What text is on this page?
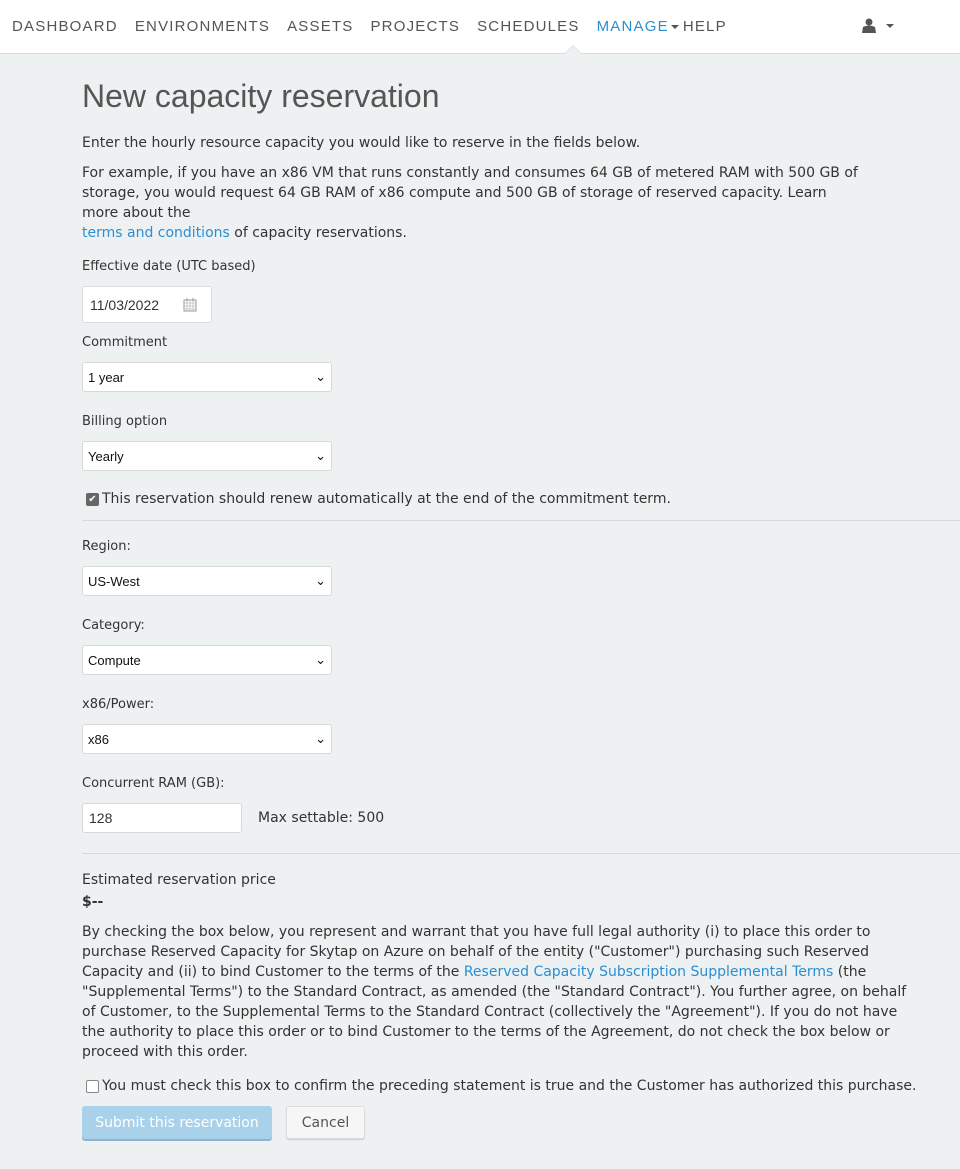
DASHBOARD ENVIRONMENTS ASSETS PROJECTS SCHEDULES MANAGE HELP
New capacity reservation

Enter the hourly resource capacity you would like to reserve in the fields below.

For example, if you have an x86 VM that runs constantly and consumes 64 GB of metered RAM with 500 GB of storage, you would request 64 GB RAM of x86 compute and 500 GB of storage of reserved capacity. Learn more about the
terms and conditions of capacity reservations.

Effective date (UTC based)
11/03/2022
Commitment
1 year	⌄
Billing option
Yearly	⌄
✔ This reservation should renew automatically at the end of the commitment term.
Region:
US-West	⌄
Category:
Compute	⌄
x86/Power:
x86	⌄
Concurrent RAM (GB):
128	Max settable: 500
Estimated reservation price
$--

By checking the box below, you represent and warrant that you have full legal authority (i) to place this order to purchase Reserved Capacity for Skytap on Azure on behalf of the entity ("Customer") purchasing such Reserved Capacity and (ii) to bind Customer to the terms of the Reserved Capacity Subscription Supplemental Terms (the "Supplemental Terms") to the Standard Contract, as amended (the "Standard Contract"). You further agree, on behalf of Customer, to the Supplemental Terms to the Standard Contract (collectively the "Agreement"). If you do not have the authority to place this order or to bind Customer to the terms of the Agreement, do not check the box below or proceed with this order.

You must check this box to confirm the preceding statement is true and the Customer has authorized this purchase.
Submit this reservation	Cancel
